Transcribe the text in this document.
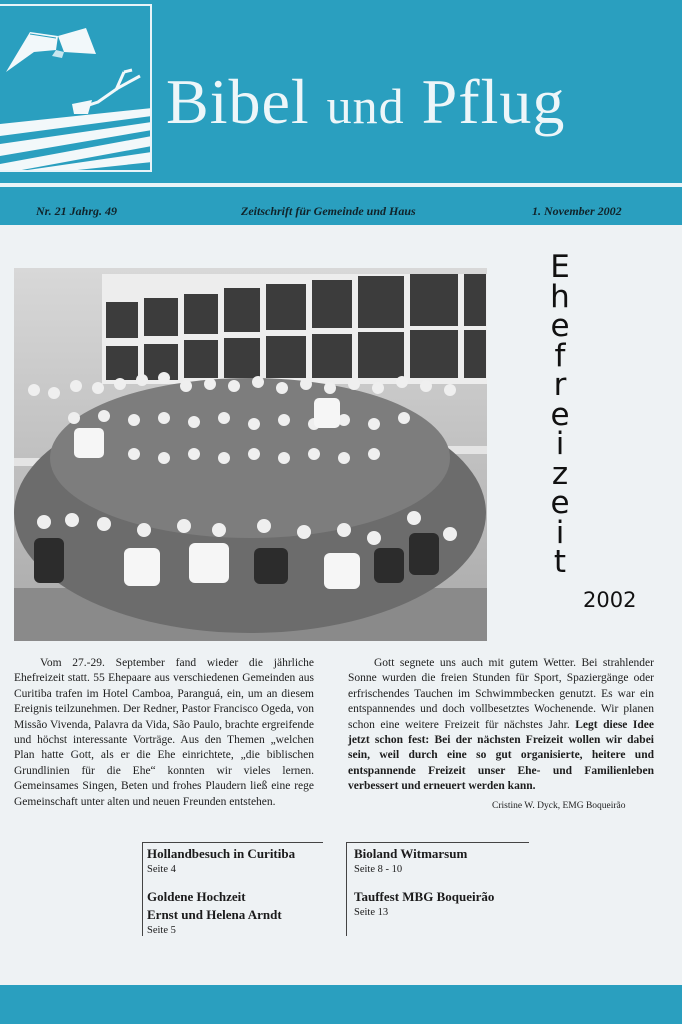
Bibel und Pflug
Nr. 21 Jahrg. 49	Zeitschrift für Gemeinde und Haus	1. November 2002
E
h
e
f
r
e
i
z
e
i
t
2002

Vom 27.-29. September fand wieder die jährliche Ehefreizeit statt. 55 Ehepaare aus verschiedenen Gemeinden aus Curitiba trafen im Hotel Camboa, Paranguá, ein, um an diesem Ereignis teilzunehmen. Der Redner, Pastor Francisco Ogeda, von Missão Vivenda, Palavra da Vida, São Paulo, brachte ergreifende und höchst interessante Vorträge. Aus den Themen „welchen Plan hatte Gott, als er die Ehe einrichtete, „die biblischen Grundlinien für die Ehe“ konnten wir vieles lernen. Gemeinsames Singen, Beten und frohes Plaudern ließ eine rege Gemeinschaft unter alten und neuen Freunden entstehen.

Gott segnete uns auch mit gutem Wetter. Bei strahlender Sonne wurden die freien Stunden für Sport, Spaziergänge oder erfrischendes Tauchen im Schwimmbecken genutzt. Es war ein entspannendes und doch vollbesetztes Wochenende. Wir planen schon eine weitere Freizeit für nächstes Jahr. Legt diese Idee jetzt schon fest: Bei der nächsten Freizeit wollen wir dabei sein, weil durch eine so gut organisierte, heitere und entspannende Freizeit unser Ehe- und Familienleben verbessert und erneuert werden kann.

Cristine W. Dyck, EMG Boqueirão
Hollandbesuch in Curitiba
Seite 4
Goldene Hochzeit
Ernst und Helena Arndt
Seite 5
Bioland Witmarsum
Seite 8 - 10
Tauffest MBG Boqueirão
Seite 13
